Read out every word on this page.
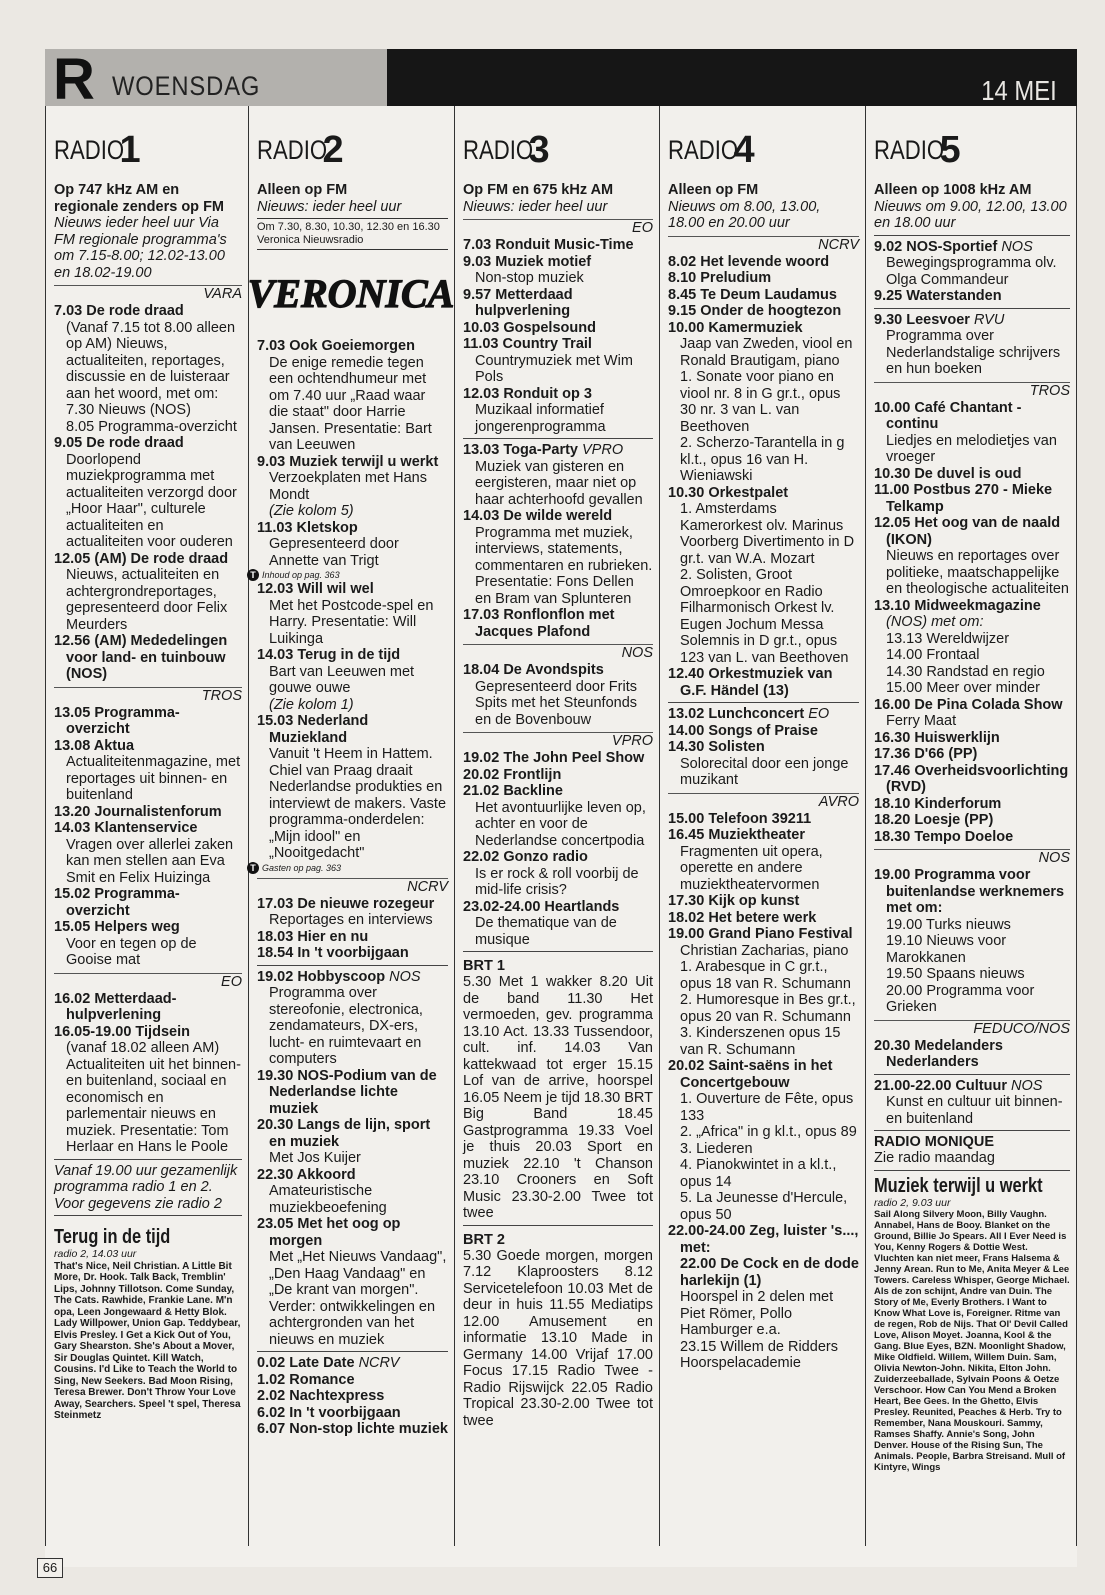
R WOENSDAG	14 MEI
RADIO
1
Op 747 kHz AM en regionale zenders op FM
Nieuws ieder heel uur Via FM regionale programma's om 7.15-8.00; 12.02-13.00 en 18.02-19.00
VARA
7.03 De rode draad
(Vanaf 7.15 tot 8.00 alleen op AM) Nieuws, actualiteiten, reportages, discussie en de luisteraar aan het woord, met om:
7.30 Nieuws (NOS)
8.05 Programma-overzicht
9.05 De rode draad
Doorlopend muziekprogramma met actualiteiten verzorgd door „Hoor Haar", culturele actualiteiten en actualiteiten voor ouderen
12.05 (AM) De rode draad
Nieuws, actualiteiten en achtergrondreportages, gepresenteerd door Felix Meurders
12.56 (AM) Mededelingen voor land- en tuinbouw (NOS)
TROS
13.05 Programma-overzicht
13.08 Aktua
Actualiteitenmagazine, met reportages uit binnen- en buitenland
13.20 Journalistenforum
14.03 Klantenservice
Vragen over allerlei zaken kan men stellen aan Eva Smit en Felix Huizinga
15.02 Programma-overzicht
15.05 Helpers weg
Voor en tegen op de Gooise mat
EO
16.02 Metterdaad-hulpverlening
16.05-19.00 Tijdsein
(vanaf 18.02 alleen AM) Actualiteiten uit het binnen- en buitenland, sociaal en economisch en parlementair nieuws en muziek. Presentatie: Tom Herlaar en Hans le Poole
Vanaf 19.00 uur gezamenlijk programma radio 1 en 2. Voor gegevens zie radio 2
Terug in de tijd
radio 2, 14.03 uur
That's Nice, Neil Christian. A Little Bit More, Dr. Hook. Talk Back, Tremblin' Lips, Johnny Tillotson. Come Sunday, The Cats. Rawhide, Frankie Lane. M'n opa, Leen Jongewaard & Hetty Blok. Lady Willpower, Union Gap. Teddybear, Elvis Presley. I Get a Kick Out of You, Gary Shearston. She's About a Mover, Sir Douglas Quintet. Kill Watch, Cousins. I'd Like to Teach the World to Sing, New Seekers. Bad Moon Rising, Teresa Brewer. Don't Throw Your Love Away, Searchers. Speel 't spel, Theresa Steinmetz
RADIO
2
Alleen op FM
Nieuws: ieder heel uur
Om 7.30, 8.30, 10.30, 12.30 en 16.30 Veronica Nieuwsradio
VERONICA
7.03 Ook Goeiemorgen
De enige remedie tegen een ochtendhumeur met om 7.40 uur „Raad waar die staat" door Harrie Jansen. Presentatie: Bart van Leeuwen
9.03 Muziek terwijl u werkt
Verzoekplaten met Hans Mondt
(Zie kolom 5)
11.03 Kletskop
Gepresenteerd door Annette van Trigt
T Inhoud op pag. 363
12.03 Will wil wel
Met het Postcode-spel en Harry. Presentatie: Will Luikinga
14.03 Terug in de tijd
Bart van Leeuwen met gouwe ouwe
(Zie kolom 1)
15.03 Nederland Muziekland
Vanuit 't Heem in Hattem. Chiel van Praag draait Nederlandse produkties en interviewt de makers. Vaste programma-onderdelen: „Mijn idool" en „Nooitgedacht"
T Gasten op pag. 363
NCRV
17.03 De nieuwe rozegeur
Reportages en interviews
18.03 Hier en nu
18.54 In 't voorbijgaan
19.02 Hobbyscoop NOS
Programma over stereofonie, electronica, zendamateurs, DX-ers, lucht- en ruimtevaart en computers
19.30 NOS-Podium van de Nederlandse lichte muziek
20.30 Langs de lijn, sport en muziek
Met Jos Kuijer
22.30 Akkoord
Amateuristische muziekbeoefening
23.05 Met het oog op morgen
Met „Het Nieuws Vandaag", „Den Haag Vandaag" en „De krant van morgen". Verder: ontwikkelingen en achtergronden van het nieuws en muziek
0.02 Late Date NCRV
1.02 Romance
2.02 Nachtexpress
6.02 In 't voorbijgaan
6.07 Non-stop lichte muziek
RADIO
3
Op FM en 675 kHz AM
Nieuws: ieder heel uur
EO
7.03 Ronduit Music-Time
9.03 Muziek motief
Non-stop muziek
9.57 Metterdaad hulpverlening
10.03 Gospelsound
11.03 Country Trail
Countrymuziek met Wim Pols
12.03 Ronduit op 3
Muzikaal informatief jongerenprogramma
13.03 Toga-Party VPRO
Muziek van gisteren en eergisteren, maar niet op haar achterhoofd gevallen
14.03 De wilde wereld
Programma met muziek, interviews, statements, commentaren en rubrieken. Presentatie: Fons Dellen en Bram van Splunteren
17.03 Ronflonflon met Jacques Plafond
NOS
18.04 De Avondspits
Gepresenteerd door Frits Spits met het Steunfonds en de Bovenbouw
VPRO
19.02 The John Peel Show
20.02 Frontlijn
21.02 Backline
Het avontuurlijke leven op, achter en voor de Nederlandse concertpodia
22.02 Gonzo radio
Is er rock & roll voorbij de mid-life crisis?
23.02-24.00 Heartlands
De thematique van de musique
BRT 1
5.30 Met 1 wakker 8.20 Uit de band 11.30 Het vermoeden, gev. programma 13.10 Act. 13.33 Tussendoor, cult. inf. 14.03 Van kattekwaad tot erger 15.15 Lof van de arrive, hoorspel 16.05 Neem je tijd 18.30 BRT Big Band 18.45 Gastprogramma 19.33 Voel je thuis 20.03 Sport en muziek 22.10 't Chanson 23.10 Crooners en Soft Music 23.30-2.00 Twee tot twee
BRT 2
5.30 Goede morgen, morgen 7.12 Klaproosters 8.12 Servicetelefoon 10.03 Met de deur in huis 11.55 Mediatips 12.00 Amusement en informatie 13.10 Made in Germany 14.00 Vrijaf 17.00 Focus 17.15 Radio Twee - Radio Rijswijck 22.05 Radio Tropical 23.30-2.00 Twee tot twee
RADIO
4
Alleen op FM
Nieuws om 8.00, 13.00, 18.00 en 20.00 uur
NCRV
8.02 Het levende woord
8.10 Preludium
8.45 Te Deum Laudamus
9.15 Onder de hoogtezon
10.00 Kamermuziek
Jaap van Zweden, viool en Ronald Brautigam, piano
1. Sonate voor piano en viool nr. 8 in G gr.t., opus 30 nr. 3 van L. van Beethoven
2. Scherzo-Tarantella in g kl.t., opus 16 van H. Wieniawski
10.30 Orkestpalet
1. Amsterdams Kamerorkest olv. Marinus Voorberg Divertimento in D gr.t. van W.A. Mozart
2. Solisten, Groot Omroepkoor en Radio Filharmonisch Orkest lv. Eugen Jochum Messa Solemnis in D gr.t., opus 123 van L. van Beethoven
12.40 Orkestmuziek van G.F. Händel (13)
13.02 Lunchconcert EO
14.00 Songs of Praise
14.30 Solisten
Solorecital door een jonge muzikant
AVRO
15.00 Telefoon 39211
16.45 Muziektheater
Fragmenten uit opera, operette en andere muziektheatervormen
17.30 Kijk op kunst
18.02 Het betere werk
19.00 Grand Piano Festival
Christian Zacharias, piano
1. Arabesque in C gr.t., opus 18 van R. Schumann
2. Humoresque in Bes gr.t., opus 20 van R. Schumann
3. Kinderszenen opus 15 van R. Schumann
20.02 Saint-saëns in het Concertgebouw
1. Ouverture de Fête, opus 133
2. „Africa" in g kl.t., opus 89
3. Liederen
4. Pianokwintet in a kl.t., opus 14
5. La Jeunesse d'Hercule, opus 50
22.00-24.00 Zeg, luister 's..., met:
22.00 De Cock en de dode harlekijn (1)
Hoorspel in 2 delen met Piet Römer, Pollo Hamburger e.a.
23.15 Willem de Ridders Hoorspelacademie
RADIO
5
Alleen op 1008 kHz AM
Nieuws om 9.00, 12.00, 13.00 en 18.00 uur
9.02 NOS-Sportief NOS
Bewegingsprogramma olv. Olga Commandeur
9.25 Waterstanden
9.30 Leesvoer RVU
Programma over Nederlandstalige schrijvers en hun boeken
TROS
10.00 Café Chantant - continu
Liedjes en melodietjes van vroeger
10.30 De duvel is oud
11.00 Postbus 270 - Mieke Telkamp
12.05 Het oog van de naald (IKON)
Nieuws en reportages over politieke, maatschappelijke en theologische actualiteiten
13.10 Midweekmagazine
(NOS) met om:
13.13 Wereldwijzer
14.00 Frontaal
14.30 Randstad en regio
15.00 Meer over minder
16.00 De Pina Colada Show
Ferry Maat
16.30 Huiswerklijn
17.36 D'66 (PP)
17.46 Overheidsvoorlichting (RVD)
18.10 Kinderforum
18.20 Loesje (PP)
18.30 Tempo Doeloe
NOS
19.00 Programma voor buitenlandse werknemers met om:
19.00 Turks nieuws
19.10 Nieuws voor Marokkanen
19.50 Spaans nieuws
20.00 Programma voor Grieken
FEDUCO/NOS
20.30 Medelanders Nederlanders
21.00-22.00 Cultuur NOS
Kunst en cultuur uit binnen- en buitenland
RADIO MONIQUE
Zie radio maandag
Muziek terwijl u werkt
radio 2, 9.03 uur
Sail Along Silvery Moon, Billy Vaughn. Annabel, Hans de Booy. Blanket on the Ground, Billie Jo Spears. All I Ever Need is You, Kenny Rogers & Dottie West. Vluchten kan niet meer, Frans Halsema & Jenny Arean. Run to Me, Anita Meyer & Lee Towers. Careless Whisper, George Michael. Als de zon schijnt, Andre van Duin. The Story of Me, Everly Brothers. I Want to Know What Love is, Foreigner. Ritme van de regen, Rob de Nijs. That Ol' Devil Called Love, Alison Moyet. Joanna, Kool & the Gang. Blue Eyes, BZN. Moonlight Shadow, Mike Oldfield. Willem, Willem Duin. Sam, Olivia Newton-John. Nikita, Elton John. Zuiderzeeballade, Sylvain Poons & Oetze Verschoor. How Can You Mend a Broken Heart, Bee Gees. In the Ghetto, Elvis Presley. Reunited, Peaches & Herb. Try to Remember, Nana Mouskouri. Sammy, Ramses Shaffy. Annie's Song, John Denver. House of the Rising Sun, The Animals. People, Barbra Streisand. Mull of Kintyre, Wings
66
